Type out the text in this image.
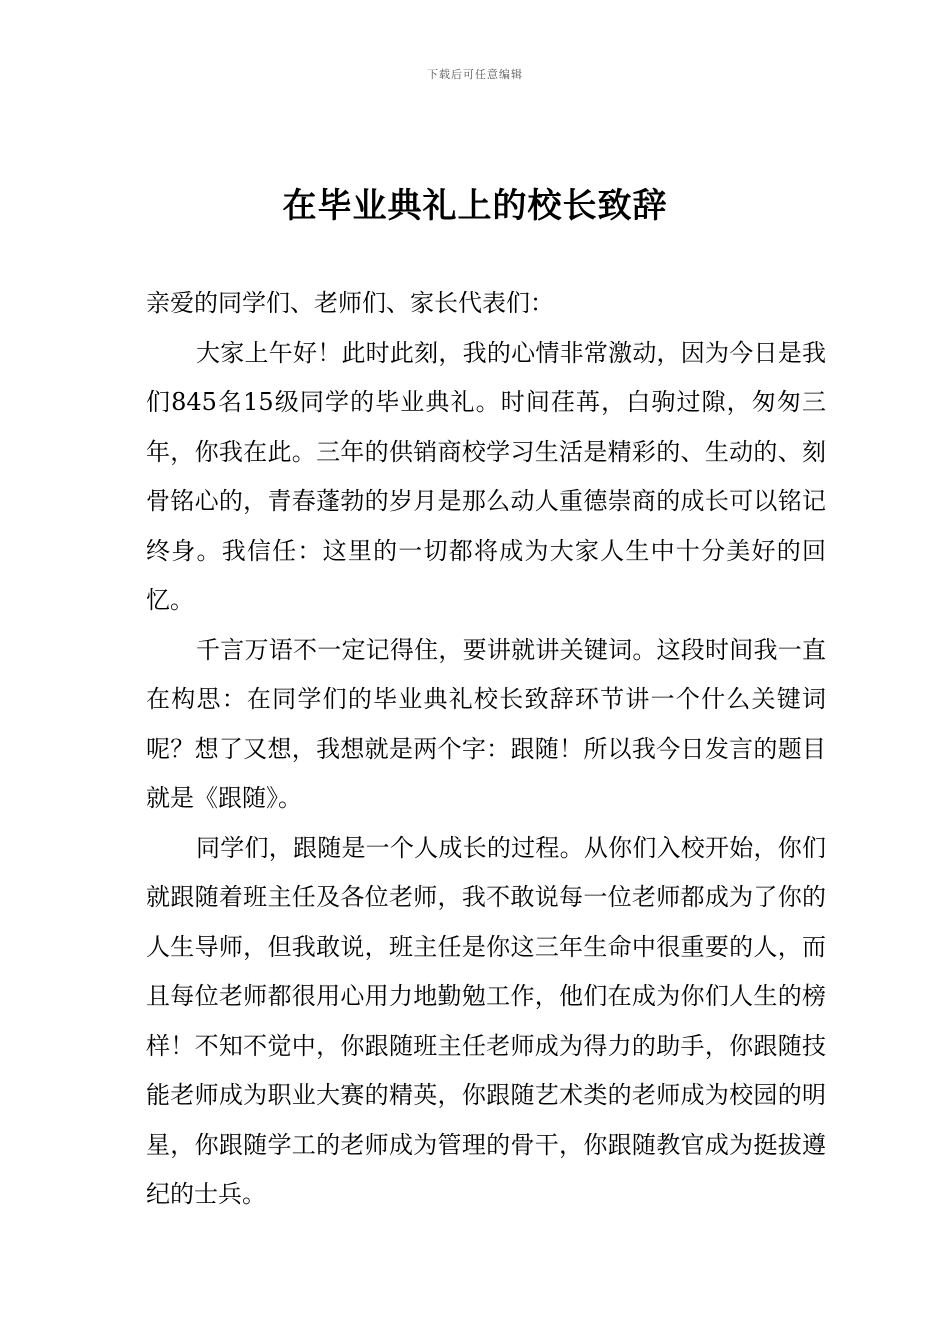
下载后可任意编辑
在毕业典礼上的校长致辞

亲爱的同学们、老师们、家长代表们：

大家上午好！此时此刻，我的心情非常激动，因为今日是我们845名15级同学的毕业典礼。时间荏苒，白驹过隙，匆匆三年，你我在此。三年的供销商校学习生活是精彩的、生动的、刻骨铭心的，青春蓬勃的岁月是那么动人重德崇商的成长可以铭记终身。我信任：这里的一切都将成为大家人生中十分美好的回忆。

千言万语不一定记得住，要讲就讲关键词。这段时间我一直在构思：在同学们的毕业典礼校长致辞环节讲一个什么关键词呢？想了又想，我想就是两个字：跟随！所以我今日发言的题目就是《跟随》。

同学们，跟随是一个人成长的过程。从你们入校开始，你们就跟随着班主任及各位老师，我不敢说每一位老师都成为了你的人生导师，但我敢说，班主任是你这三年生命中很重要的人，而且每位老师都很用心用力地勤勉工作，他们在成为你们人生的榜样！不知不觉中，你跟随班主任老师成为得力的助手，你跟随技能老师成为职业大赛的精英，你跟随艺术类的老师成为校园的明星，你跟随学工的老师成为管理的骨干，你跟随教官成为挺拔遵纪的士兵。
